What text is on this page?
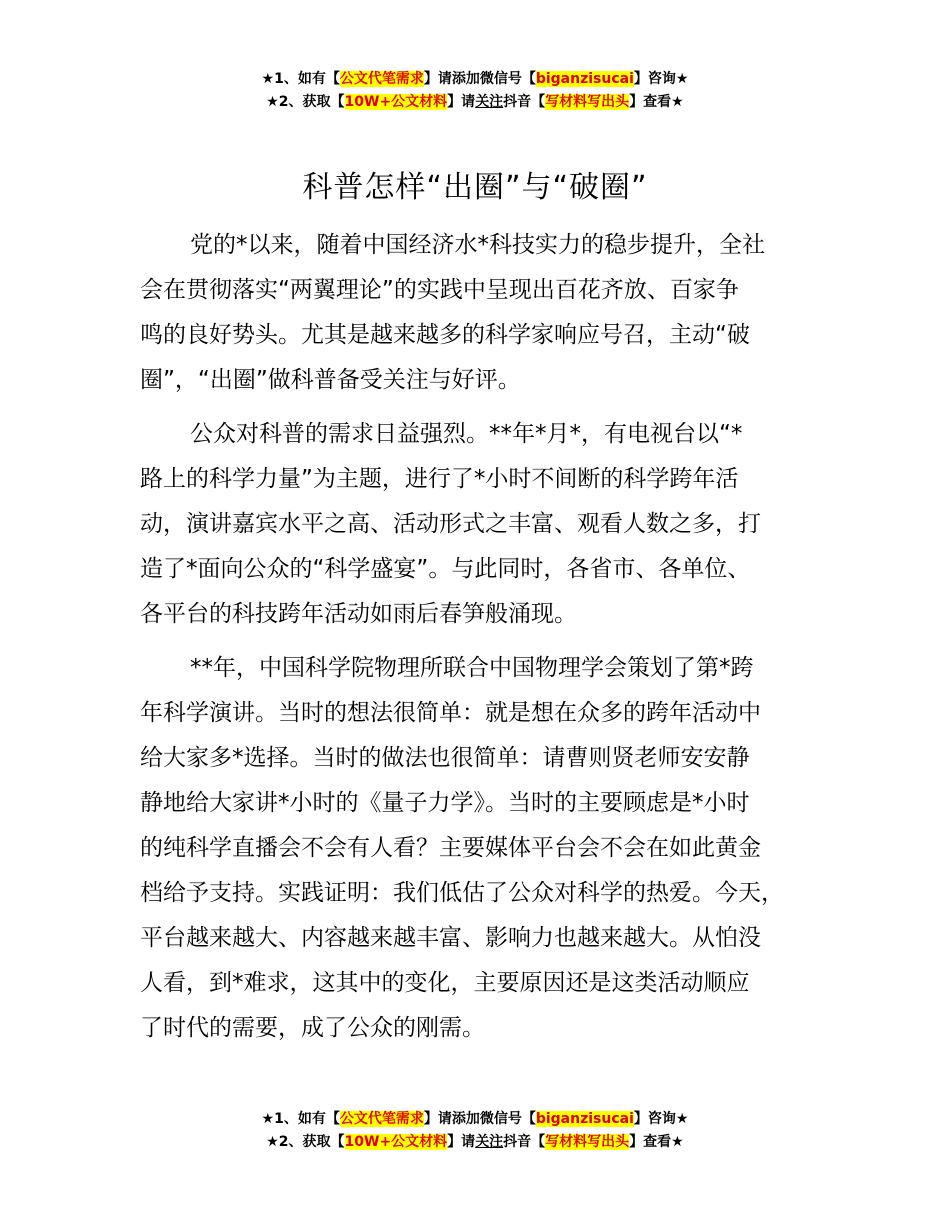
★1、如有【公文代笔需求】请添加微信号【biganzisucai】咨询★
★2、获取【10W+公文材料】请关注抖音【写材料写出头】查看★
科普怎样“出圈”与“破圈”
党的*以来，随着中国经济水*科技实力的稳步提升，全社
会在贯彻落实“两翼理论”的实践中呈现出百花齐放、百家争
鸣的良好势头。尤其是越来越多的科学家响应号召，主动“破
圈”，“出圈”做科普备受关注与好评。
公众对科普的需求日益强烈。**年*月*，有电视台以“*
路上的科学力量”为主题，进行了*小时不间断的科学跨年活
动，演讲嘉宾水平之高、活动形式之丰富、观看人数之多，打
造了*面向公众的“科学盛宴”。与此同时，各省市、各单位、
各平台的科技跨年活动如雨后春笋般涌现。
**年，中国科学院物理所联合中国物理学会策划了第*跨
年科学演讲。当时的想法很简单：就是想在众多的跨年活动中
给大家多*选择。当时的做法也很简单：请曹则贤老师安安静
静地给大家讲*小时的《量子力学》。当时的主要顾虑是*小时
的纯科学直播会不会有人看？主要媒体平台会不会在如此黄金
档给予支持。实践证明：我们低估了公众对科学的热爱。今天，
平台越来越大、内容越来越丰富、影响力也越来越大。从怕没
人看，到*难求，这其中的变化，主要原因还是这类活动顺应
了时代的需要，成了公众的刚需。
★1、如有【公文代笔需求】请添加微信号【biganzisucai】咨询★
★2、获取【10W+公文材料】请关注抖音【写材料写出头】查看★
